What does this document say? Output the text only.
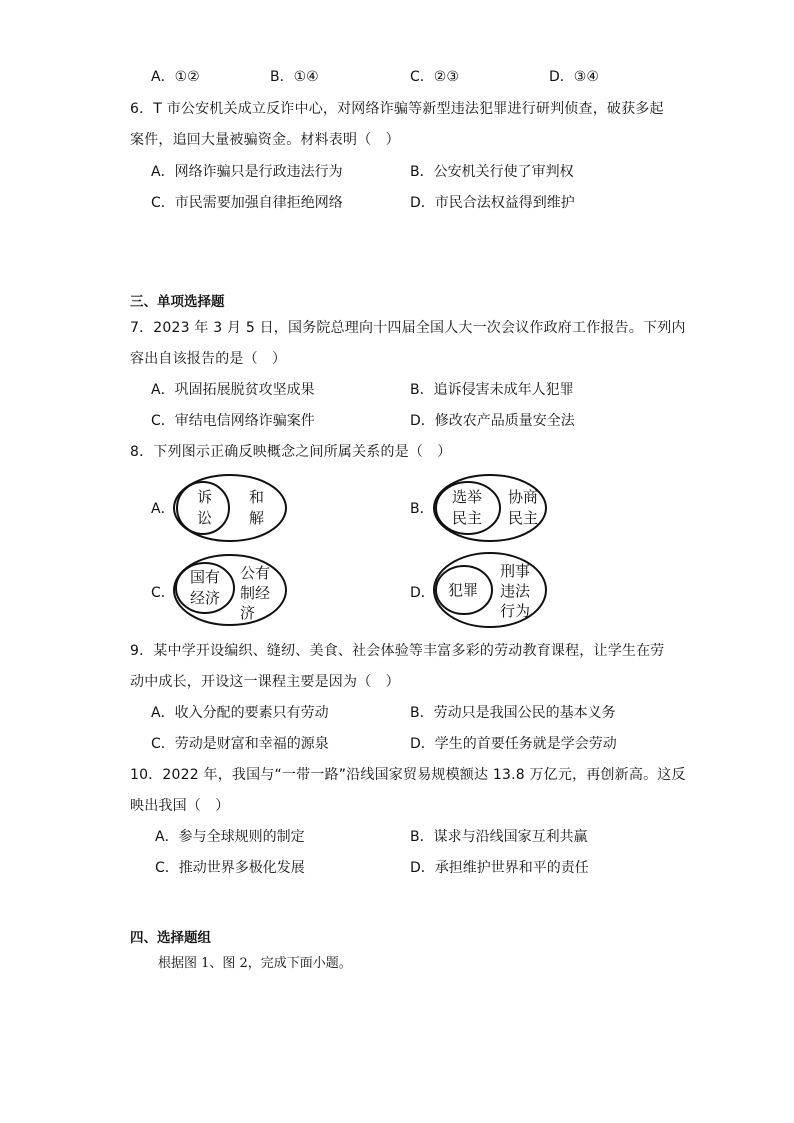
A．①②	B．①④	C．②③	D．③④
6．T 市公安机关成立反诈中心，对网络诈骗等新型违法犯罪进行研判侦查，破获多起
案件，追回大量被骗资金。材料表明（　）
A．网络诈骗只是行政违法行为	B．公安机关行使了审判权
C．市民需要加强自律拒绝网络	D．市民合法权益得到维护
三、单项选择题
7．2023 年 3 月 5 日，国务院总理向十四届全国人大一次会议作政府工作报告。下列内
容出自该报告的是（　）
A．巩固拓展脱贫攻坚成果	B．追诉侵害未成年人犯罪
C．审结电信网络诈骗案件	D．修改农产品质量安全法
8．下列图示正确反映概念之间所属关系的是（　）
A．
诉
讼
和
解	B．
选举
民主
协商
民主
C．
国有
经济
公有
制经
济
D． 犯罪
刑事
违法
行为
9．某中学开设编织、缝纫、美食、社会体验等丰富多彩的劳动教育课程，让学生在劳
动中成长，开设这一课程主要是因为（　）
A．收入分配的要素只有劳动	B．劳动只是我国公民的基本义务
C．劳动是财富和幸福的源泉	D．学生的首要任务就是学会劳动
10．2022 年，我国与“一带一路”沿线国家贸易规模额达 13.8 万亿元，再创新高。这反
映出我国（　）
A．参与全球规则的制定	B．谋求与沿线国家互利共赢
C．推动世界多极化发展	D．承担维护世界和平的责任
四、选择题组
根据图 1、图 2，完成下面小题。
